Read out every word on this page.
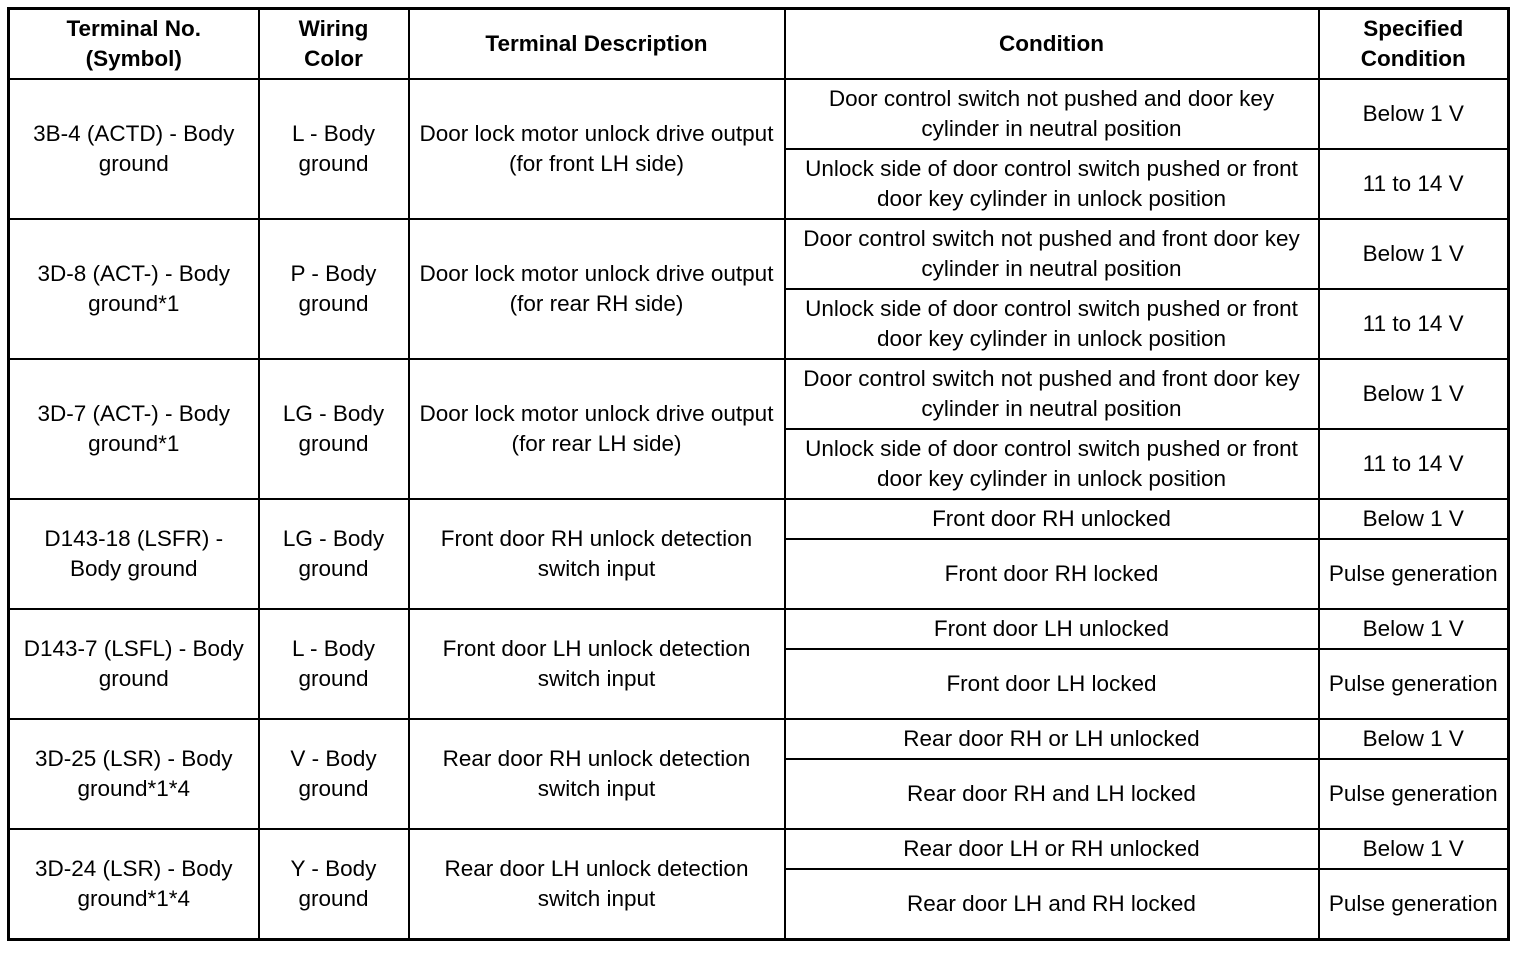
Terminal No. (Symbol)	Wiring Color	Terminal Description	Condition	Specified Condition
3B-4 (ACTD) - Body ground	L - Body ground	Door lock motor unlock drive output (for front LH side)	Door control switch not pushed and door key cylinder in neutral position	Below 1 V
			Unlock side of door control switch pushed or front door key cylinder in unlock position	11 to 14 V
3D-8 (ACT-) - Body ground*1	P - Body ground	Door lock motor unlock drive output (for rear RH side)	Door control switch not pushed and front door key cylinder in neutral position	Below 1 V
			Unlock side of door control switch pushed or front door key cylinder in unlock position	11 to 14 V
3D-7 (ACT-) - Body ground*1	LG - Body ground	Door lock motor unlock drive output (for rear LH side)	Door control switch not pushed and front door key cylinder in neutral position	Below 1 V
			Unlock side of door control switch pushed or front door key cylinder in unlock position	11 to 14 V
D143-18 (LSFR) - Body ground	LG - Body ground	Front door RH unlock detection switch input	Front door RH unlocked	Below 1 V
			Front door RH locked	Pulse generation
D143-7 (LSFL) - Body ground	L - Body ground	Front door LH unlock detection switch input	Front door LH unlocked	Below 1 V
			Front door LH locked	Pulse generation
3D-25 (LSR) - Body ground*1*4	V - Body ground	Rear door RH unlock detection switch input	Rear door RH or LH unlocked	Below 1 V
			Rear door RH and LH locked	Pulse generation
3D-24 (LSR) - Body ground*1*4	Y - Body ground	Rear door LH unlock detection switch input	Rear door LH or RH unlocked	Below 1 V
			Rear door LH and RH locked	Pulse generation
